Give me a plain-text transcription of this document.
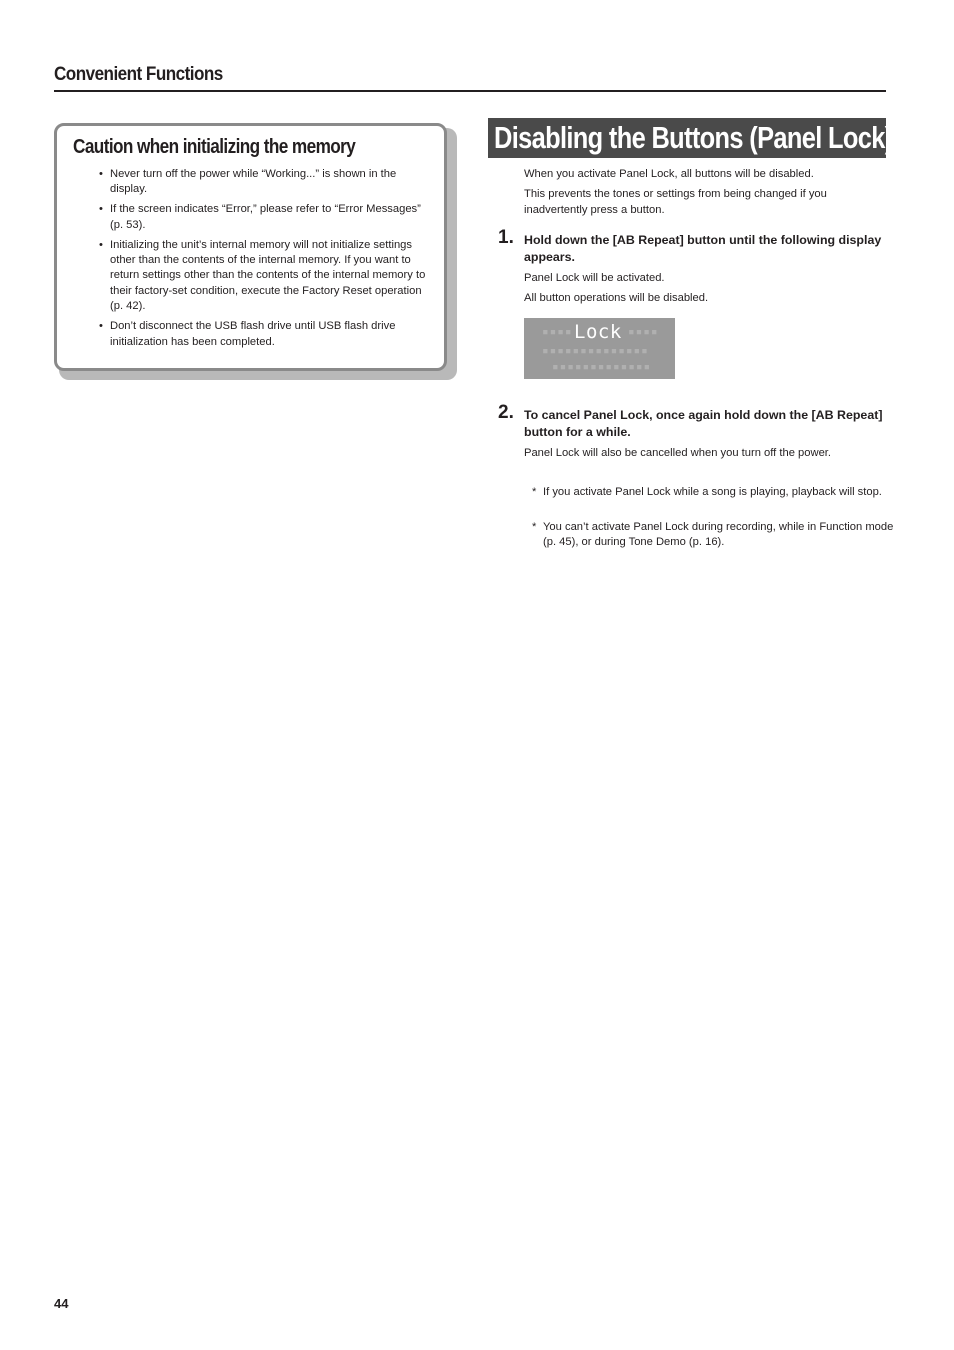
Convenient Functions
Caution when initializing the memory
• Never turn off the power while “Working...” is shown in the display.
• If the screen indicates “Error,” please refer to “Error Messages” (p. 53).
• Initializing the unit’s internal memory will not initialize settings other than the contents of the internal memory. If you want to return settings other than the contents of the internal memory to their factory-set condition, execute the Factory Reset operation (p. 42).
• Don’t disconnect the USB flash drive until USB flash drive initialization has been completed.
Disabling the Buttons (Panel Lock)

When you activate Panel Lock, all buttons will be disabled.

This prevents the tones or settings from being changed if you inadvertently press a button.

1. Hold down the [AB Repeat] button until the following display appears.

Panel Lock will be activated.

All button operations will be disabled.

▪▪▪▪	▪▪▪▪
▪▪▪▪▪▪▪▪▪▪▪▪▪▪
▪▪▪▪▪▪▪▪▪▪▪▪▪
Lock
2. To cancel Panel Lock, once again hold down the [AB Repeat] button for a while.

Panel Lock will also be cancelled when you turn off the power.

* If you activate Panel Lock while a song is playing, playback will stop.

* You can’t activate Panel Lock during recording, while in Function mode (p. 45), or during Tone Demo (p. 16).

44
